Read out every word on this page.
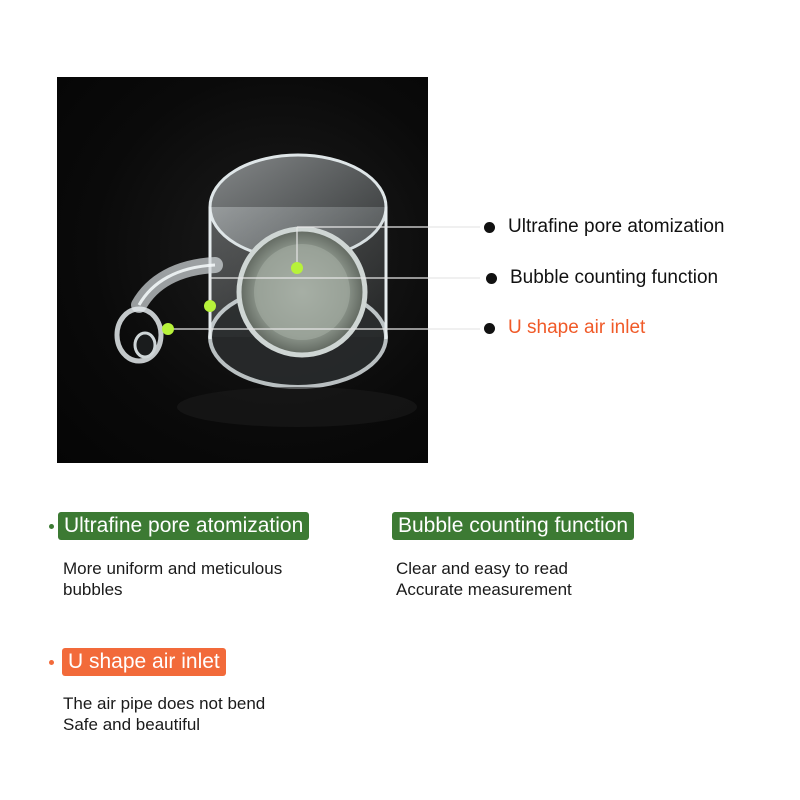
Ultrafine pore atomization
Bubble counting function
U shape air inlet
Ultrafine pore atomization
More uniform and meticulous
bubbles
Bubble counting function
Clear and easy to read
Accurate measurement
U shape air inlet
The air pipe does not bend
Safe and beautiful
